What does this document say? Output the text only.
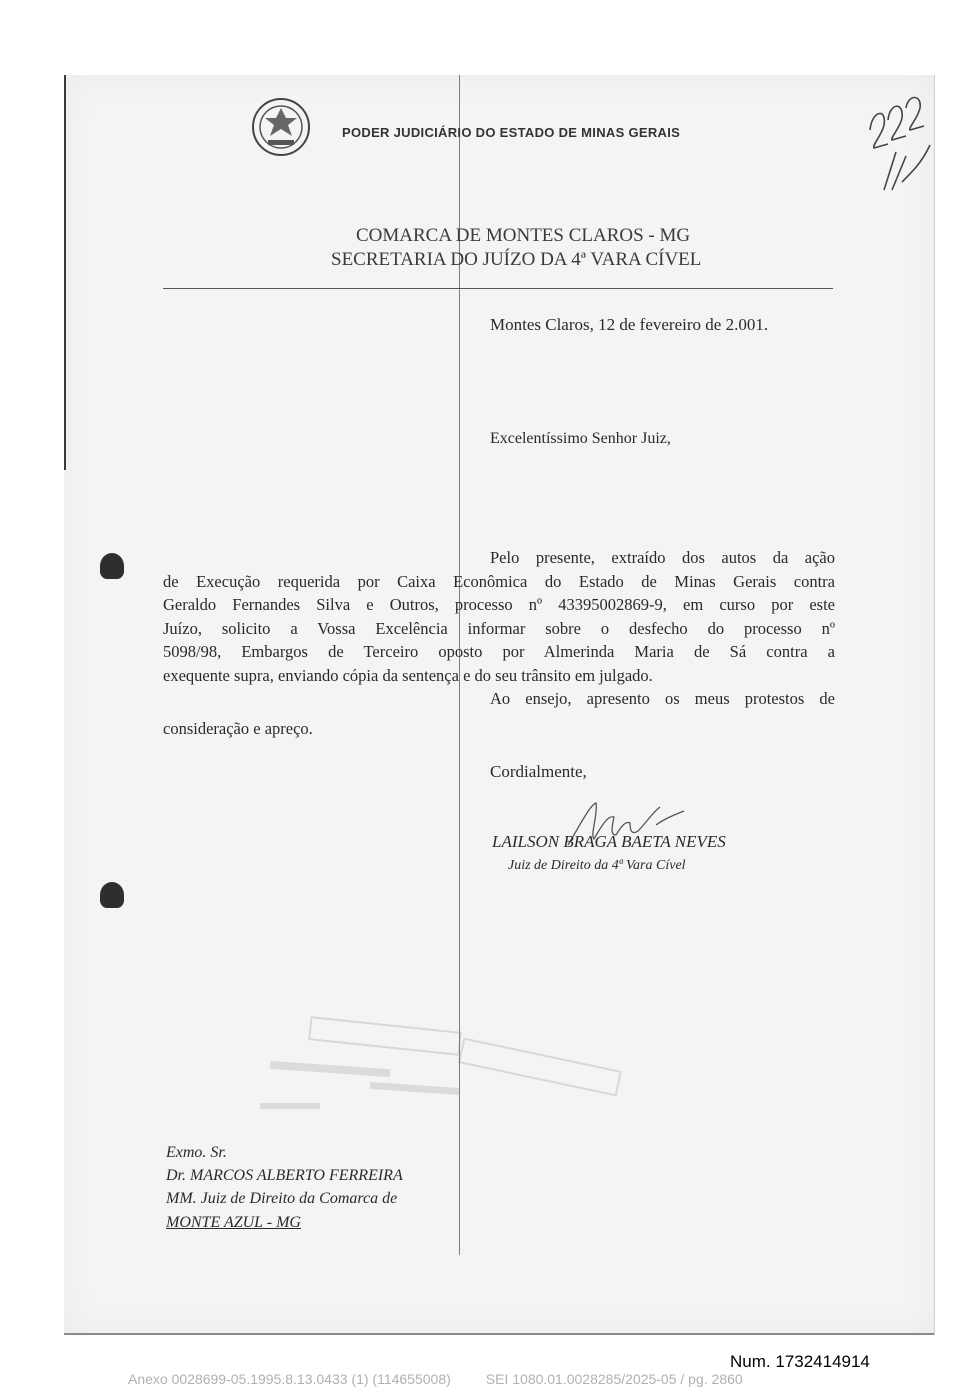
PODER JUDICIÁRIO DO ESTADO DE MINAS GERAIS
COMARCA DE MONTES CLAROS - MG
SECRETARIA DO JUÍZO DA 4ª VARA CÍVEL
Montes Claros, 12 de fevereiro de 2.001.
Excelentíssimo Senhor Juiz,
Pelo presente, extraído dos autos da ação
de Execução requerida por Caixa Econômica do Estado de Minas Gerais contra
Geraldo Fernandes Silva e Outros, processo nº 43395002869-9, em curso por este
Juízo, solicito a Vossa Excelência informar sobre o desfecho do processo nº
5098/98, Embargos de Terceiro oposto por Almerinda Maria de Sá contra a
exequente supra, enviando cópia da sentença e do seu trânsito em julgado.
Ao ensejo, apresento os meus protestos de
consideração e apreço.
Cordialmente,
LAILSON BRAGA BAETA NEVES
Juiz de Direito da 4ª Vara Cível
Exmo. Sr.
Dr. MARCOS ALBERTO FERREIRA
MM. Juiz de Direito da Comarca de
MONTE AZUL - MG
Num. 1732414914
Anexo 0028699-05.1995.8.13.0433 (1) (114655008)         SEI 1080.01.0028285/2025-05 / pg. 2860
